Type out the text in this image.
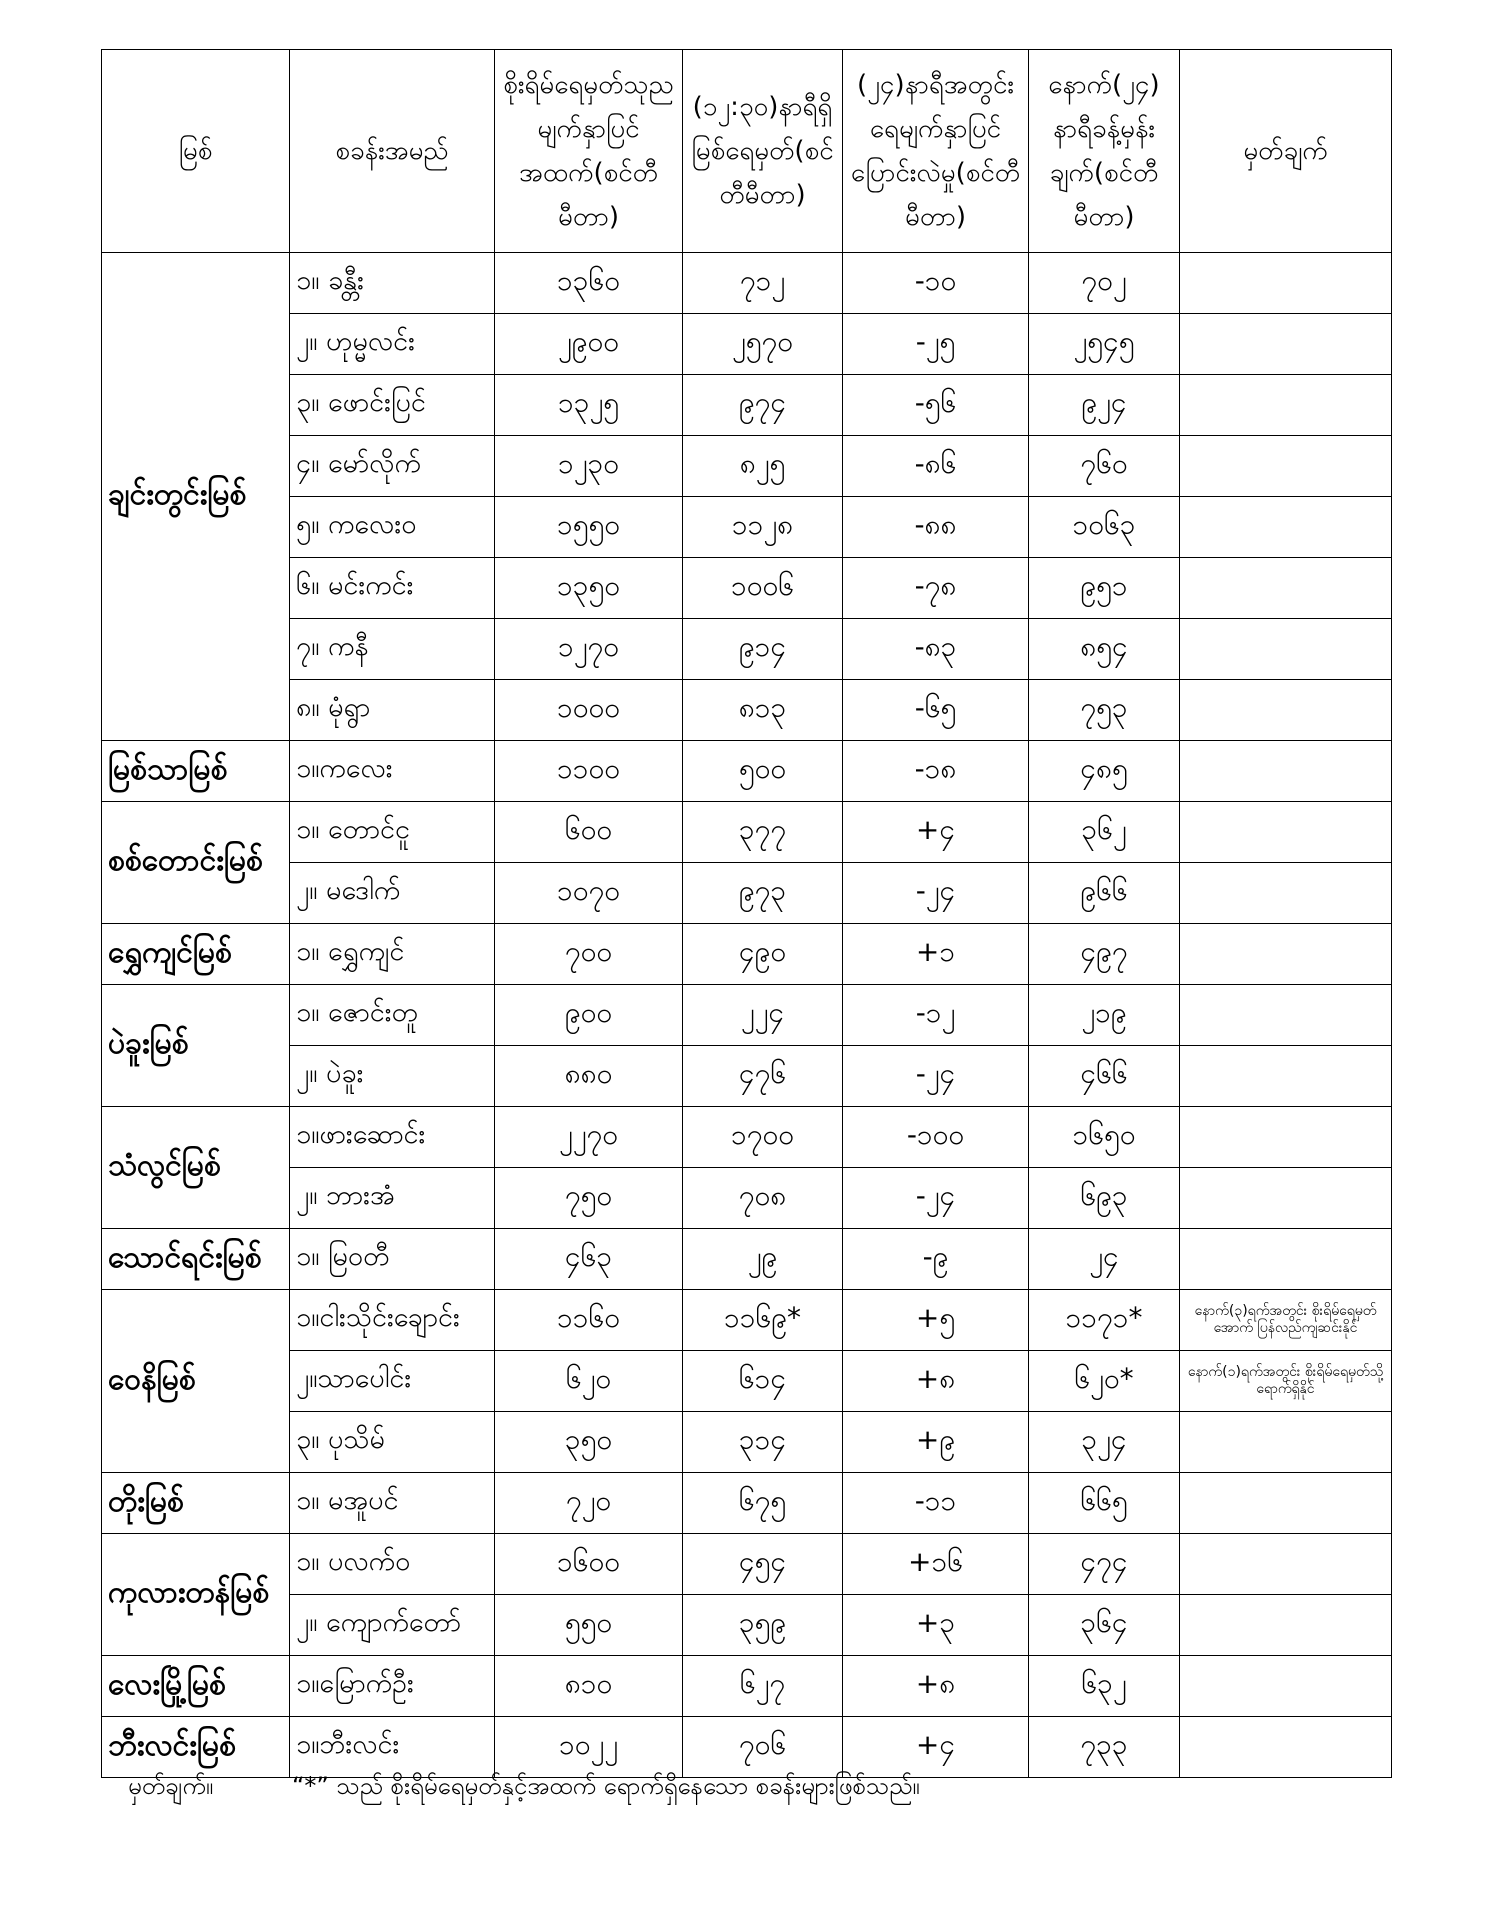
မြစ်	စခန်းအမည်	စိုးရိမ်ရေမှတ်သုညမျက်နှာပြင်အထက်(စင်တီမီတာ)	(၁၂:၃၀)နာရီရှိမြစ်ရေမှတ်(စင်တီမီတာ)	(၂၄)နာရီအတွင်းရေမျက်နှာပြင်ပြောင်းလဲမှု(စင်တီမီတာ)	နောက်(၂၄) နာရီခန့်မှန်းချက်(စင်တီမီတာ)	မှတ်ချက်
ချင်းတွင်းမြစ်	၁။ ခန္တီး	၁၃၆၀	၇၁၂	-၁၀	၇၀၂	
	၂။ ဟုမ္မလင်း	၂၉၀၀	၂၅၇၀	-၂၅	၂၅၄၅	
	၃။ ဖောင်းပြင်	၁၃၂၅	၉၇၄	-၅၆	၉၂၄	
	၄။ မော်လိုက်	၁၂၃၀	၈၂၅	-၈၆	၇၆၀	
	၅။ ကလေးဝ	၁၅၅၀	၁၁၂၈	-၈၈	၁၀၆၃	
	၆။ မင်းကင်း	၁၃၅၀	၁၀၀၆	-၇၈	၉၅၁	
	၇။ ကနီ	၁၂၇၀	၉၁၄	-၈၃	၈၅၄	
	၈။ မုံရွာ	၁၀၀၀	၈၁၃	-၆၅	၇၅၃	
မြစ်သာမြစ်	၁။ကလေး	၁၁၀၀	၅၀၀	-၁၈	၄၈၅	
စစ်တောင်းမြစ်	၁။ တောင်ငူ	၆၀၀	၃၇၇	+၄	၃၆၂	
	၂။ မဒေါက်	၁၀၇၀	၉၇၃	-၂၄	၉၆၆	
ရွှေကျင်မြစ်	၁။ ရွှေကျင်	၇၀၀	၄၉၀	+၁	၄၉၇	
ပဲခူးမြစ်	၁။ ဇောင်းတူ	၉၀၀	၂၂၄	-၁၂	၂၁၉	
	၂။ ပဲခူး	၈၈၀	၄၇၆	-၂၄	၄၆၆	
သံလွင်မြစ်	၁။ဖားဆောင်း	၂၂၇၀	၁၇၀၀	-၁၀၀	၁၆၅၀	
	၂။ ဘားအံ	၇၅၀	၇၀၈	-၂၄	၆၉၃	
သောင်ရင်းမြစ်	၁။ မြဝတီ	၄၆၃	၂၉	-၉	၂၄	
ဝေနိမြစ်	၁။ငါးသိုင်းချောင်း	၁၁၆၀	၁၁၆၉*	+၅	၁၁၇၁*	နောက်(၃)ရက်အတွင်း စိုးရိမ်ရေမှတ်အောက် ပြန်လည်ကျဆင်းနိုင်
	၂။သာပေါင်း	၆၂၀	၆၁၄	+၈	၆၂၀*	နောက်(၁)ရက်အတွင်း စိုးရိမ်ရေမှတ်သို့ ရောက်ရှိနိုင်
	၃။ ပုသိမ်	၃၅၀	၃၁၄	+၉	၃၂၄	
တိုးမြစ်	၁။ မအူပင်	၇၂၀	၆၇၅	-၁၁	၆၆၅	
ကုလားတန်မြစ်	၁။ ပလက်ဝ	၁၆၀၀	၄၅၄	+၁၆	၄၇၄	
	၂။ ကျောက်တော်	၅၅၀	၃၅၉	+၃	၃၆၄	
လေးမြို့မြစ်	၁။မြောက်ဦး	၈၁၀	၆၂၇	+၈	၆၃၂	
ဘီးလင်းမြစ်	၁။ဘီးလင်း	၁၀၂၂	၇၀၆	+၄	၇၃၃	
မှတ်ချက်။	“*” သည် စိုးရိမ်ရေမှတ်နှင့်အထက် ရောက်ရှိနေသော စခန်းများဖြစ်သည်။
